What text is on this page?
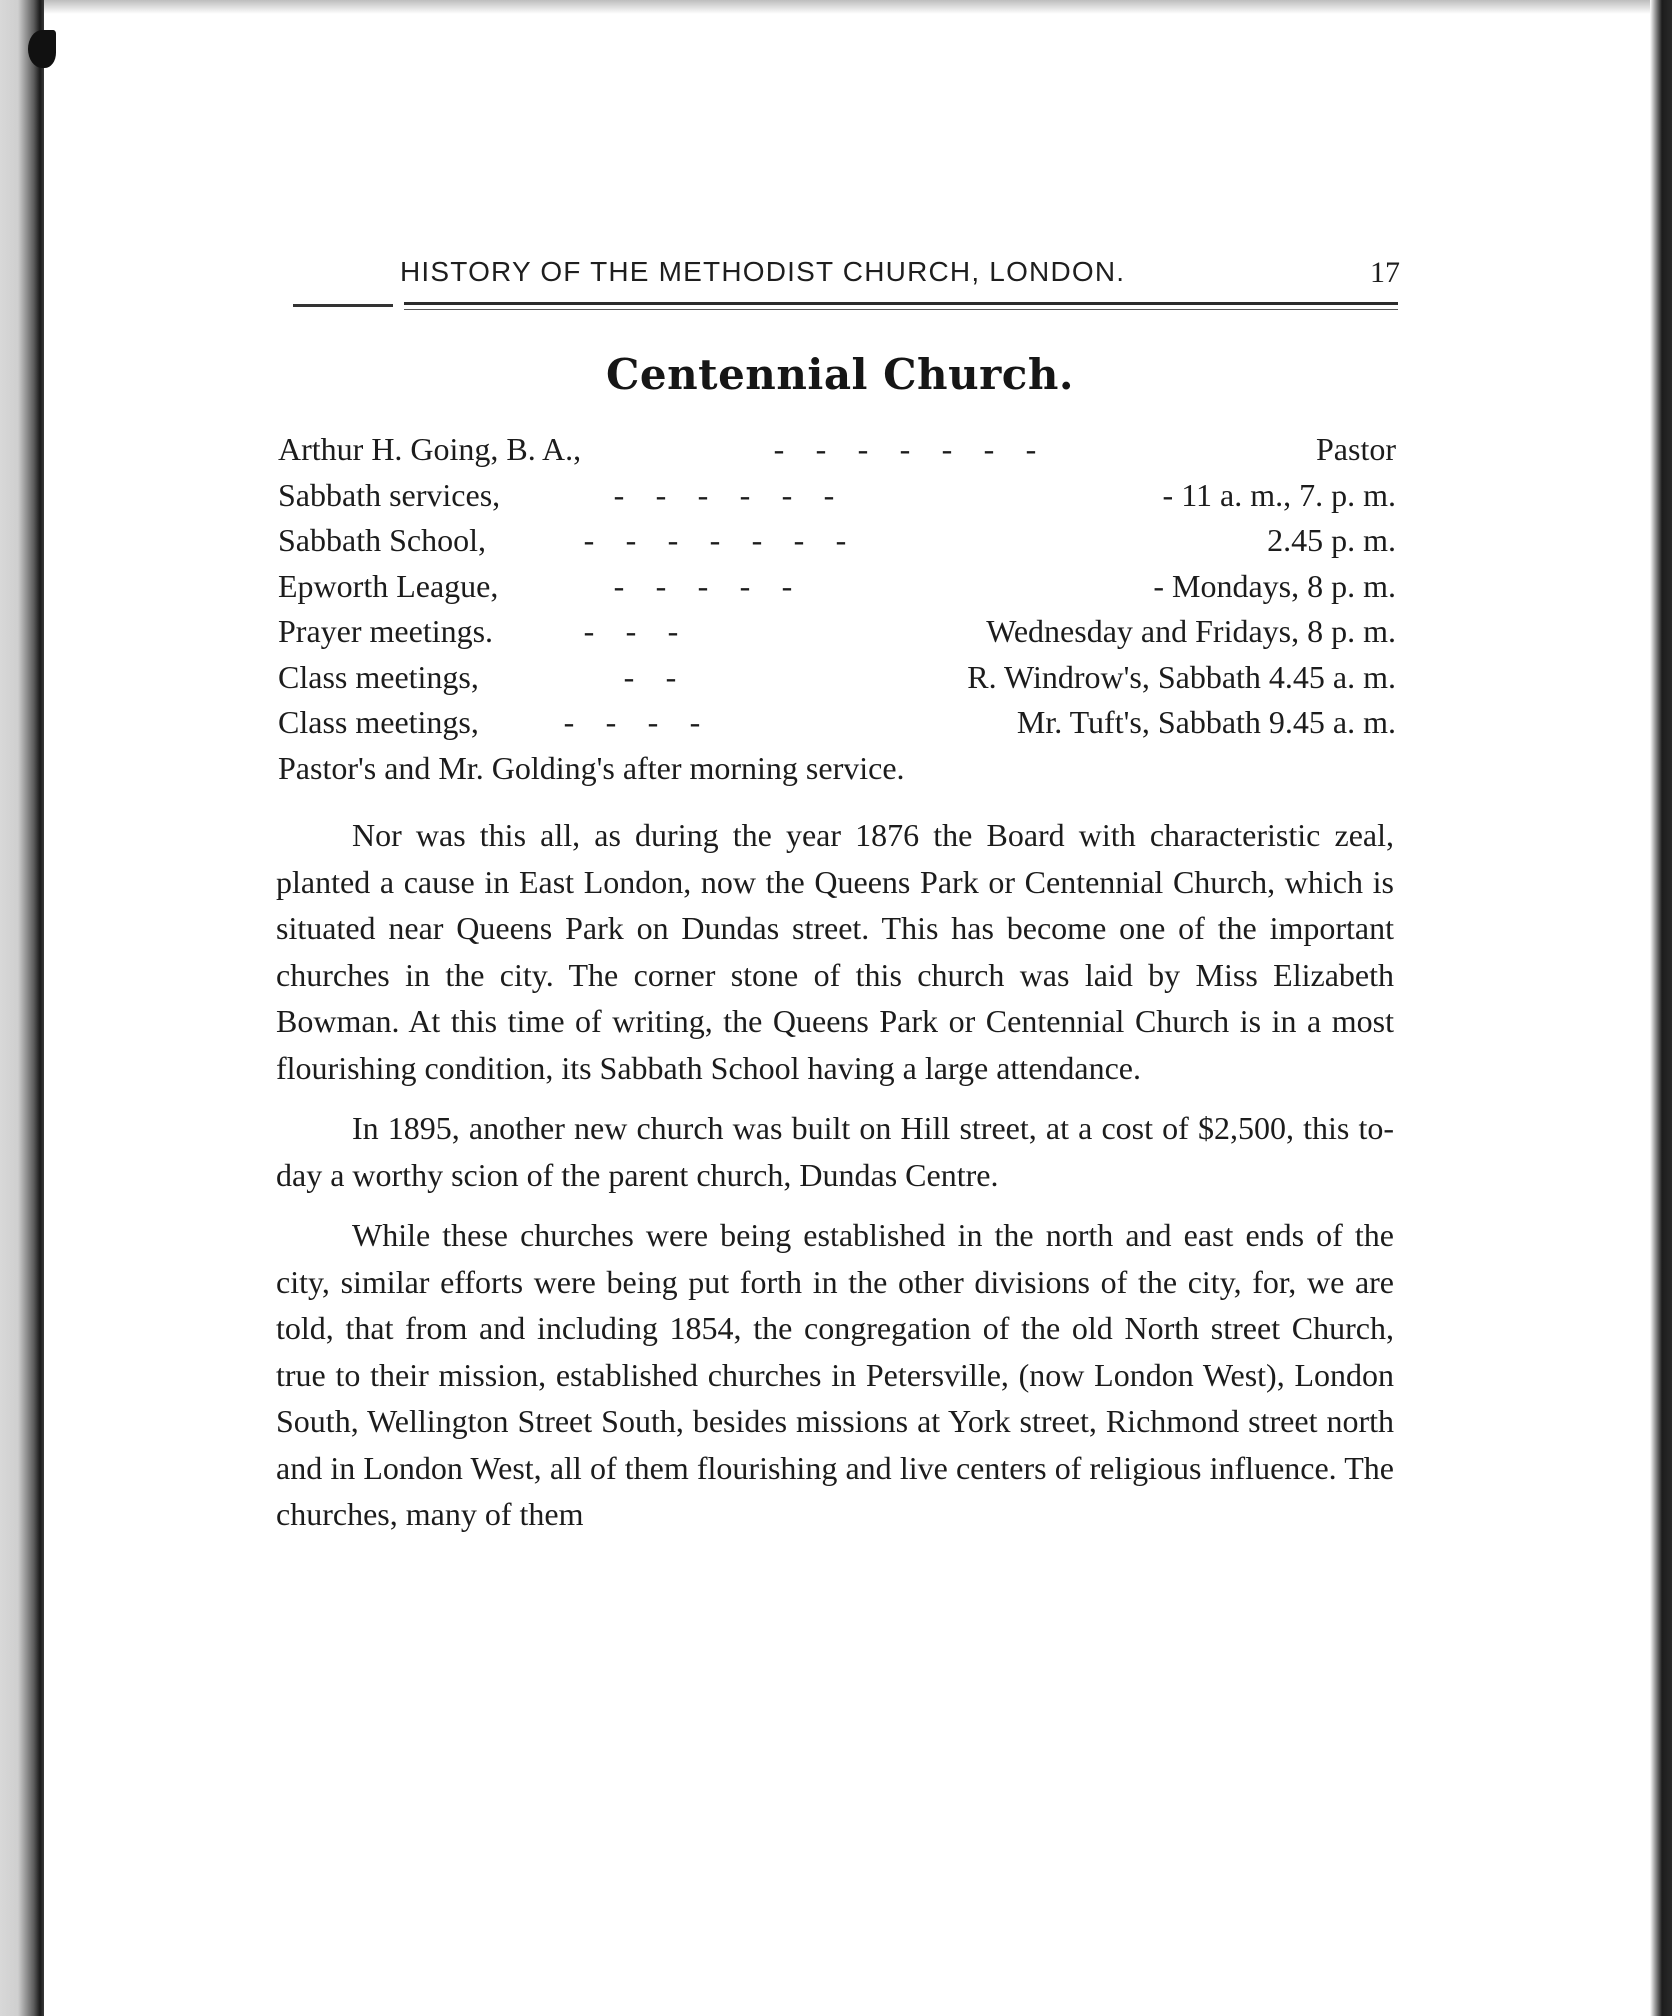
HISTORY OF THE METHODIST CHURCH, LONDON.	17
Centennial Church.
Arthur H. Going, B. A.,	- - - - - - -	Pastor
Sabbath services,	- - - - - -	- 11 a. m., 7. p. m.
Sabbath School,	- - - - - - -	2.45 p. m.
Epworth League,	- - - - -	- Mondays, 8 p. m.
Prayer meetings.	- - -	Wednesday and Fridays, 8 p. m.
Class meetings,	- -	R. Windrow's, Sabbath 4.45 a. m.
Class meetings,	- - - -	Mr. Tuft's, Sabbath 9.45 a. m.
Pastor's and Mr. Golding's after morning service.

Nor was this all, as during the year 1876 the Board with characteristic zeal, planted a cause in East London, now the Queens Park or Centennial Church, which is situated near Queens Park on Dundas street. This has become one of the important churches in the city. The corner stone of this church was laid by Miss Elizabeth Bowman. At this time of writing, the Queens Park or Centennial Church is in a most flourishing condition, its Sabbath School having a large attendance.

In 1895, another new church was built on Hill street, at a cost of $2,500, this to-day a worthy scion of the parent church, Dundas Centre.

While these churches were being established in the north and east ends of the city, similar efforts were being put forth in the other divisions of the city, for, we are told, that from and including 1854, the congregation of the old North street Church, true to their mission, established churches in Petersville, (now London West), London South, Wellington Street South, besides missions at York street, Richmond street north and in London West, all of them flourishing and live centers of religious influence. The churches, many of them
